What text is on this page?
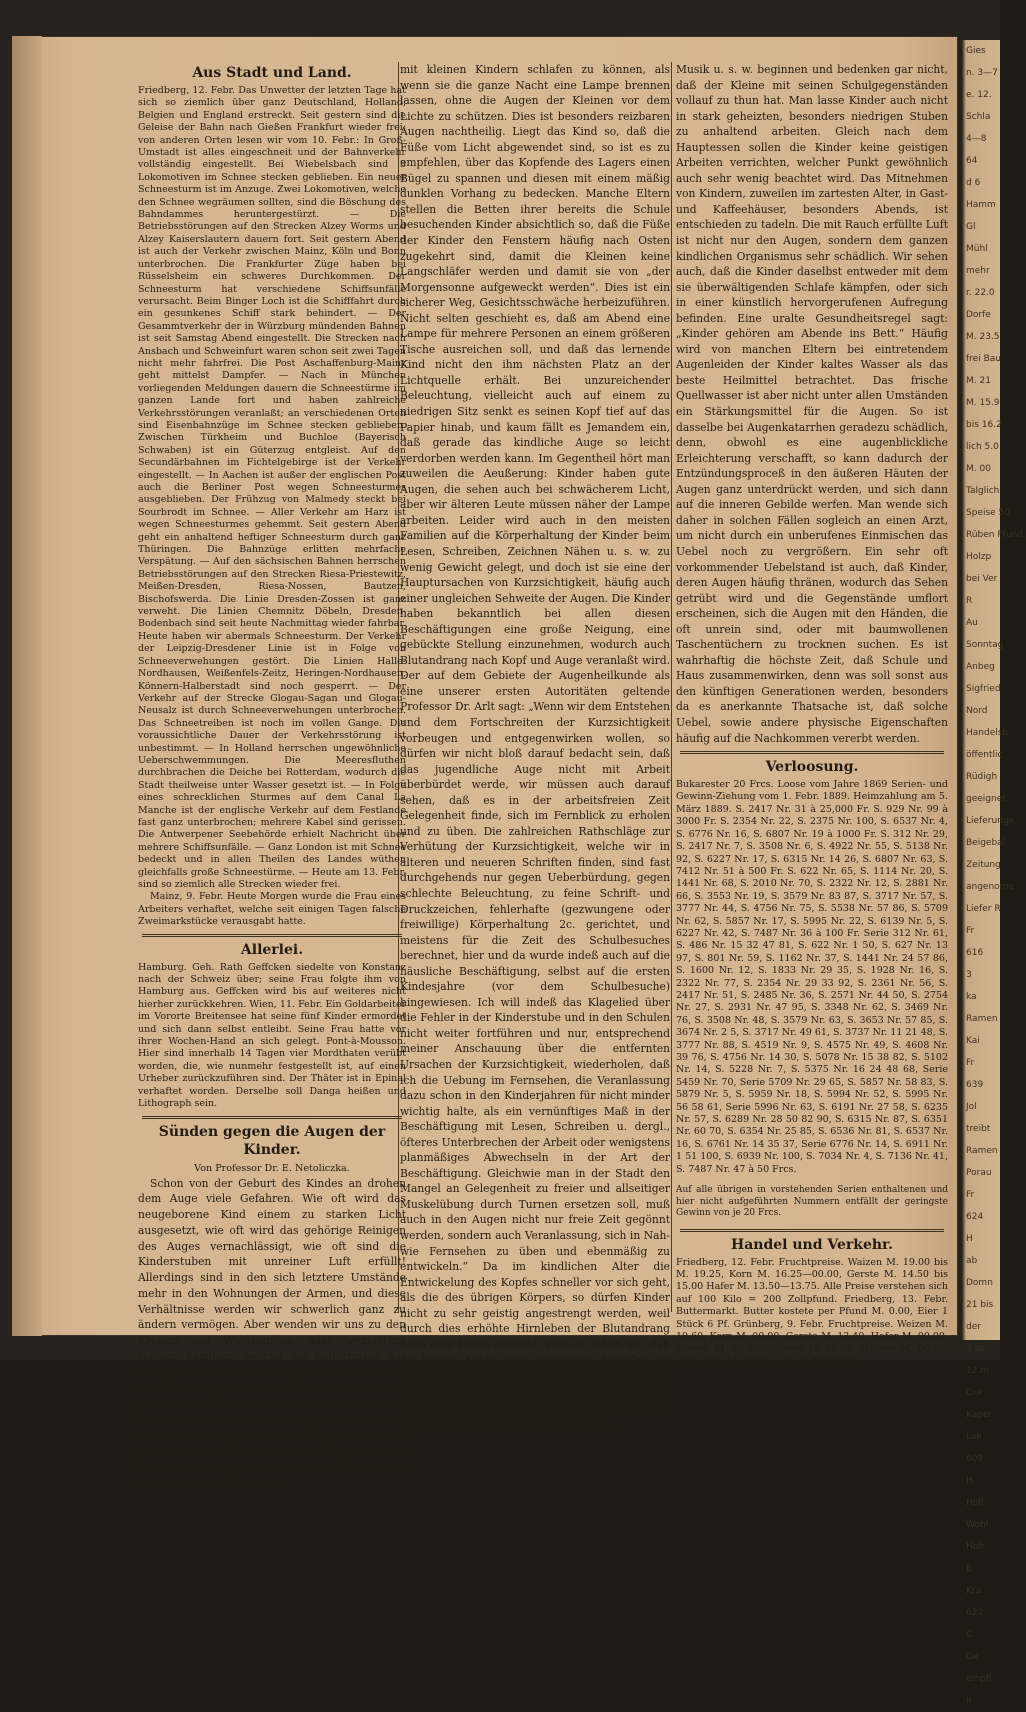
Aus Stadt und Land.

Friedberg, 12. Febr. Das Unwetter der letzten Tage hat sich so ziemlich über ganz Deutschland, Holland, Belgien und England erstreckt. Seit gestern sind die Geleise der Bahn nach Gießen Frankfurt wieder frei; von anderen Orten lesen wir vom 10. Febr.: In Groß-Umstadt ist alles eingeschneit und der Bahnverkehr vollständig eingestellt. Bei Wiebelsbach sind 3 Lokomotiven im Schnee stecken geblieben. Ein neuer Schneesturm ist im Anzuge. Zwei Lokomotiven, welche den Schnee wegräumen sollten, sind die Böschung des Bahndammes heruntergestürzt. — Die Betriebsstörungen auf den Strecken Alzey Worms und Alzey Kaiserslautern dauern fort. Seit gestern Abend ist auch der Verkehr zwischen Mainz, Köln und Bonn unterbrochen. Die Frankfurter Züge haben bei Rüsselsheim ein schweres Durchkommen. Der Schneesturm hat verschiedene Schiffsunfälle verursacht. Beim Binger Loch ist die Schifffahrt durch ein gesunkenes Schiff stark behindert. — Der Gesammtverkehr der in Würzburg mündenden Bahnen ist seit Samstag Abend eingestellt. Die Strecken nach Ansbach und Schweinfurt waren schon seit zwei Tagen nicht mehr fahrfrei. Die Post Aschaffenburg-Mainz geht mittelst Dampfer. — Nach in München vorliegenden Meldungen dauern die Schneestürme im ganzen Lande fort und haben zahlreiche Verkehrsstörungen veranlaßt; an verschiedenen Orten sind Eisenbahnzüge im Schnee stecken geblieben. Zwischen Türkheim und Buchloe (Bayerisch Schwaben) ist ein Güterzug entgleist. Auf den Secundärbahnen im Fichtelgebirge ist der Verkehr eingestellt. — In Aachen ist außer der englischen Post auch die Berliner Post wegen Schneesturmes ausgeblieben. Der Frühzug von Malmedy steckt bei Sourbrodt im Schnee. — Aller Verkehr am Harz ist wegen Schneesturmes gehemmt. Seit gestern Abend geht ein anhaltend heftiger Schneesturm durch ganz Thüringen. Die Bahnzüge erlitten mehrfache Verspätung. — Auf den sächsischen Bahnen herrschen Betriebsstörungen auf den Strecken Riesa-Priestewitz, Meißen-Dresden, Riesa-Nossen, Bautzen, Bischofswerda. Die Linie Dresden-Zossen ist ganz verweht. Die Linien Chemnitz Döbeln, Dresden-Bodenbach sind seit heute Nachmittag wieder fahrbar. Heute haben wir abermals Schneesturm. Der Verkehr der Leipzig-Dresdener Linie ist in Folge von Schneeverwehungen gestört. Die Linien Halle-Nordhausen, Weißenfels-Zeitz, Heringen-Nordhausen, Könnern-Halberstadt sind noch gesperrt. — Der Verkehr auf der Strecke Glogau-Sagan und Glogau-Neusalz ist durch Schneeverwehungen unterbrochen. Das Schneetreiben ist noch im vollen Gange. Die voraussichtliche Dauer der Verkehrsstörung ist unbestimmt. — In Holland herrschen ungewöhnliche Ueberschwemmungen. Die Meeresfluthen durchbrachen die Deiche bei Rotterdam, wodurch die Stadt theilweise unter Wasser gesetzt ist. — In Folge eines schrecklichen Sturmes auf dem Canal La Manche ist der englische Verkehr auf dem Festlande fast ganz unterbrochen; mehrere Kabel sind gerissen. Die Antwerpener Seebehörde erhielt Nachricht über mehrere Schiffsunfälle. — Ganz London ist mit Schnee bedeckt und in allen Theilen des Landes wüthen gleichfalls große Schneestürme. — Heute am 13. Febr. sind so ziemlich alle Strecken wieder frei.

Mainz, 9. Febr. Heute Morgen wurde die Frau eines Arbeiters verhaftet, welche seit einigen Tagen falsche Zweimarkstücke verausgabt hatte.

Allerlei.

Hamburg. Geh. Rath Geffcken siedelte von Konstanz nach der Schweiz über; seine Frau folgte ihm von Hamburg aus. Geffcken wird bis auf weiteres nicht hierher zurückkehren. Wien, 11. Febr. Ein Goldarbeiter im Vororte Breitensee hat seine fünf Kinder ermordet und sich dann selbst entleibt. Seine Frau hatte vor ihrer Wochen-Hand an sich gelegt. Pont-à-Mousson. Hier sind innerhalb 14 Tagen vier Mordthaten verübt worden, die, wie nunmehr festgestellt ist, auf einen Urheber zurückzuführen sind. Der Thäter ist in Epinal verhaftet worden. Derselbe soll Danga heißen und Lithograph sein.

Sünden gegen die Augen der Kinder.
Von Professor Dr. E. Netoliczka.

Schon von der Geburt des Kindes an drohen dem Auge viele Gefahren. Wie oft wird das neugeborene Kind einem zu starken Licht ausgesetzt, wie oft wird das gehörige Reinigen des Auges vernachlässigt, wie oft sind die Kinderstuben mit unreiner Luft erfüllt! Allerdings sind in den sich letztere Umstände mehr in den Wohnungen der Armen, und diese Verhältnisse werden wir schwerlich ganz zu ändern vermögen. Aber wenden wir uns zu den Kreisen des Wohlstandes, oder wenigstens solcher Familien, welche die Bedürfnisse des gewöhnlichen Lebens sorgenfrei zu befriedigen im Stande sind. Wie viele Stunden sind da die Kleinen den Dienstmädchen allein überlassen. Diese aber, wie man nur zu oft sieht, fahren die in einem Wagen auf dem Rücken liegenden Kinder so im Freien herum, daß diesen die Sonne gerade in die Augen scheint. Viele Mütter glauben gar nicht anders

mit kleinen Kindern schlafen zu können, als wenn sie die ganze Nacht eine Lampe brennen lassen, ohne die Augen der Kleinen vor dem Lichte zu schützen. Dies ist besonders reizbaren Augen nachtheilig. Liegt das Kind so, daß die Füße vom Licht abgewendet sind, so ist es zu empfehlen, über das Kopfende des Lagers einen Bügel zu spannen und diesen mit einem mäßig dunklen Vorhang zu bedecken. Manche Eltern stellen die Betten ihrer bereits die Schule besuchenden Kinder absichtlich so, daß die Füße der Kinder den Fenstern häufig nach Osten zugekehrt sind, damit die Kleinen keine Langschläfer werden und damit sie von „der Morgensonne aufgeweckt werden“. Dies ist ein sicherer Weg, Gesichtsschwäche herbeizuführen. Nicht selten geschieht es, daß am Abend eine Lampe für mehrere Personen an einem größeren Tische ausreichen soll, und daß das lernende Kind nicht den ihm nächsten Platz an der Lichtquelle erhält. Bei unzureichender Beleuchtung, vielleicht auch auf einem zu niedrigen Sitz senkt es seinen Kopf tief auf das Papier hinab, und kaum fällt es Jemandem ein, daß gerade das kindliche Auge so leicht verdorben werden kann. Im Gegentheil hört man zuweilen die Aeußerung: Kinder haben gute Augen, die sehen auch bei schwächerem Licht, aber wir älteren Leute müssen näher der Lampe arbeiten. Leider wird auch in den meisten Familien auf die Körperhaltung der Kinder beim Lesen, Schreiben, Zeichnen Nähen u. s. w. zu wenig Gewicht gelegt, und doch ist sie eine der Hauptursachen von Kurzsichtigkeit, häufig auch einer ungleichen Sehweite der Augen. Die Kinder haben bekanntlich bei allen diesen Beschäftigungen eine große Neigung, eine gebückte Stellung einzunehmen, wodurch auch Blutandrang nach Kopf und Auge veranlaßt wird. Der auf dem Gebiete der Augenheilkunde als eine unserer ersten Autoritäten geltende Professor Dr. Arlt sagt: „Wenn wir dem Entstehen und dem Fortschreiten der Kurzsichtigkeit vorbeugen und entgegenwirken wollen, so dürfen wir nicht bloß darauf bedacht sein, daß das jugendliche Auge nicht mit Arbeit überbürdet werde, wir müssen auch darauf sehen, daß es in der arbeitsfreien Zeit Gelegenheit finde, sich im Fernblick zu erholen und zu üben. Die zahlreichen Rathschläge zur Verhütung der Kurzsichtigkeit, welche wir in älteren und neueren Schriften finden, sind fast durchgehends nur gegen Ueberbürdung, gegen schlechte Beleuchtung, zu feine Schrift- und Druckzeichen, fehlerhafte (gezwungene oder freiwillige) Körperhaltung 2c. gerichtet, und meistens für die Zeit des Schulbesuches berechnet, hier und da wurde indeß auch auf die häusliche Beschäftigung, selbst auf die ersten Kindesjahre (vor dem Schulbesuche) hingewiesen. Ich will indeß das Klagelied über die Fehler in der Kinderstube und in den Schulen nicht weiter fortführen und nur, entsprechend meiner Anschauung über die entfernten Ursachen der Kurzsichtigkeit, wiederholen, daß ich die Uebung im Fernsehen, die Veranlassung dazu schon in den Kinderjahren für nicht minder wichtig halte, als ein vernünftiges Maß in der Beschäftigung mit Lesen, Schreiben u. dergl., öfteres Unterbrechen der Arbeit oder wenigstens planmäßiges Abwechseln in der Art der Beschäftigung. Gleichwie man in der Stadt den Mangel an Gelegenheit zu freier und allseitiger Muskelübung durch Turnen ersetzen soll, muß auch in den Augen nicht nur freie Zeit gegönnt werden, sondern auch Veranlassung, sich in Nah- wie Fernsehen zu üben und ebenmäßig zu entwickeln.“ Da im kindlichen Alter die Entwickelung des Kopfes schneller vor sich geht, als die des übrigen Körpers, so dürfen Kinder nicht zu sehr geistig angestrengt werden, weil durch dies erhöhte Hirnleben der Blutandrang nach dem Kopfe entsteht. Wie oft sehen wir, daß ein kleiner Knabe nach gemachten Aufgaben im Gesicht ungewöhnlich roth erscheint, daß sein Kopf heiß ist. Manche Eltern beherzigen dieses Moment nicht und können es gar nicht erwarten, daß ihre Kinder mit fremden Sprachen,

Musik u. s. w. beginnen und bedenken gar nicht, daß der Kleine mit seinen Schulgegenständen vollauf zu thun hat. Man lasse Kinder auch nicht in stark geheizten, besonders niedrigen Stuben zu anhaltend arbeiten. Gleich nach dem Hauptessen sollen die Kinder keine geistigen Arbeiten verrichten, welcher Punkt gewöhnlich auch sehr wenig beachtet wird. Das Mitnehmen von Kindern, zuweilen im zartesten Alter, in Gast- und Kaffeehäuser, besonders Abends, ist entschieden zu tadeln. Die mit Rauch erfüllte Luft ist nicht nur den Augen, sondern dem ganzen kindlichen Organismus sehr schädlich. Wir sehen auch, daß die Kinder daselbst entweder mit dem sie überwältigenden Schlafe kämpfen, oder sich in einer künstlich hervorgerufenen Aufregung befinden. Eine uralte Gesundheitsregel sagt: „Kinder gehören am Abende ins Bett.“ Häufig wird von manchen Eltern bei eintretendem Augenleiden der Kinder kaltes Wasser als das beste Heilmittel betrachtet. Das frische Quellwasser ist aber nicht unter allen Umständen ein Stärkungsmittel für die Augen. So ist dasselbe bei Augenkatarrhen geradezu schädlich, denn, obwohl es eine augenblickliche Erleichterung verschafft, so kann dadurch der Entzündungsproceß in den äußeren Häuten der Augen ganz unterdrückt werden, und sich dann auf die inneren Gebilde werfen. Man wende sich daher in solchen Fällen sogleich an einen Arzt, um nicht durch ein unberufenes Einmischen das Uebel noch zu vergrößern. Ein sehr oft vorkommender Uebelstand ist auch, daß Kinder, deren Augen häufig thränen, wodurch das Sehen getrübt wird und die Gegenstände umflort erscheinen, sich die Augen mit den Händen, die oft unrein sind, oder mit baumwollenen Taschentüchern zu trocknen suchen. Es ist wahrhaftig die höchste Zeit, daß Schule und Haus zusammenwirken, denn was soll sonst aus den künftigen Generationen werden, besonders da es anerkannte Thatsache ist, daß solche Uebel, sowie andere physische Eigenschaften häufig auf die Nachkommen vererbt werden.

Verloosung.

Bukarester 20 Frcs. Loose vom Jahre 1869 Serien- und Gewinn-Ziehung vom 1. Febr. 1889. Heimzahlung am 5. März 1889. S. 2417 Nr. 31 à 25,000 Fr. S. 929 Nr. 99 à 3000 Fr. S. 2354 Nr. 22, S. 2375 Nr. 100, S. 6537 Nr. 4, S. 6776 Nr. 16, S. 6807 Nr. 19 à 1000 Fr. S. 312 Nr. 29, S. 2417 Nr. 7, S. 3508 Nr. 6, S. 4922 Nr. 55, S. 5138 Nr. 92, S. 6227 Nr. 17, S. 6315 Nr. 14 26, S. 6807 Nr. 63, S. 7412 Nr. 51 à 500 Fr. S. 622 Nr. 65, S. 1114 Nr. 20, S. 1441 Nr. 68, S. 2010 Nr. 70, S. 2322 Nr. 12, S. 2881 Nr. 66, S. 3553 Nr. 19, S. 3579 Nr. 83 87, S. 3717 Nr. 57, S. 3777 Nr. 44, S. 4756 Nr. 75, S. 5538 Nr. 57 86, S. 5709 Nr. 62, S. 5857 Nr. 17, S. 5995 Nr. 22, S. 6139 Nr. 5, S. 6227 Nr. 42, S. 7487 Nr. 36 à 100 Fr. Serie 312 Nr. 61, S. 486 Nr. 15 32 47 81, S. 622 Nr. 1 50, S. 627 Nr. 13 97, S. 801 Nr. 59, S. 1162 Nr. 37, S. 1441 Nr. 24 57 86, S. 1600 Nr. 12, S. 1833 Nr. 29 35, S. 1928 Nr. 16, S. 2322 Nr. 77, S. 2354 Nr. 29 33 92, S. 2361 Nr. 56, S. 2417 Nr. 51, S. 2485 Nr. 36, S. 2571 Nr. 44 50, S. 2754 Nr. 27, S. 2931 Nr. 47 95, S. 3348 Nr. 62, S. 3469 Nr. 76, S. 3508 Nr. 48, S. 3579 Nr. 63, S. 3653 Nr. 57 85, S. 3674 Nr. 2 5, S. 3717 Nr. 49 61, S. 3737 Nr. 11 21 48, S. 3777 Nr. 88, S. 4519 Nr. 9, S. 4575 Nr. 49, S. 4608 Nr. 39 76, S. 4756 Nr. 14 30, S. 5078 Nr. 15 38 82, S. 5102 Nr. 14, S. 5228 Nr. 7, S. 5375 Nr. 16 24 48 68, Serie 5459 Nr. 70, Serie 5709 Nr. 29 65, S. 5857 Nr. 58 83, S. 5879 Nr. 5, S. 5959 Nr. 18, S. 5994 Nr. 52, S. 5995 Nr. 56 58 61, Serie 5996 Nr. 63, S. 6191 Nr. 27 58, S. 6235 Nr. 57, S. 6289 Nr. 28 50 82 90, S. 6315 Nr. 87, S. 6351 Nr. 60 70, S. 6354 Nr. 25 85, S. 6536 Nr. 81, S. 6537 Nr. 16, S. 6761 Nr. 14 35 37, Serie 6776 Nr. 14, S. 6911 Nr. 1 51 100, S. 6939 Nr. 100, S. 7034 Nr. 4, S. 7136 Nr. 41, S. 7487 Nr. 47 à 50 Frcs.

Auf alle übrigen in vorstehenden Serien enthaltenen und hier nicht aufgeführten Nummern entfällt der geringste Gewinn von je 20 Frcs.

Handel und Verkehr.

Friedberg, 12. Febr. Fruchtpreise. Waizen M. 19.00 bis M. 19.25, Korn M. 16.25—00.00, Gerste M. 14.50 bis 15.00 Hafer M. 13.50—13.75. Alle Preise verstehen sich auf 100 Kilo = 200 Zollpfund. Friedberg, 13. Febr. Buttermarkt. Butter kostete per Pfund M. 0.00, Eier 1 Stück 6 Pf. Grünberg, 9. Febr. Fruchtpreise. Weizen M. 19.60, Korn M. 00.00, Gerste M. 13.40, Hafer M. 00.00, Erbsen M. 00.00, Bohnen M. 00.00, Wicken M. 00.00, Kartoffeln M. 00.00, Linsen M. 00.00.

Gies
n. 3—7
e. 12.
Schla
4—8
64
d 6
Hamm
Gl
Mühl
mehr
r. 22.0
Dorfe
M. 23.5
frei Bau
M. 21
M. 15.9
bis 16.2
lich 5.0
M. 00
Talglich
Speise 50
Rüben Pfund.
Holzp
bei Ver
R
Au
Sonntag
Anbeg
Sigfried
Nord
Handelsb
öffentlic
Rüdigh
geeignet
Lieferunge
Beigebal
Zeitung
angenome
Liefer R
Fr
616
3
ka
Ramen
Kai
Fr
639
Jol
treibt
Ramen
Porau
Fr
624
H
ab
Domn
21 bis
der
3 ac
12 m
Gra
Kaper
Lak
609
H
Holl
Wohl
Holr
E
Kra
622
C
Ge
empfi
h
